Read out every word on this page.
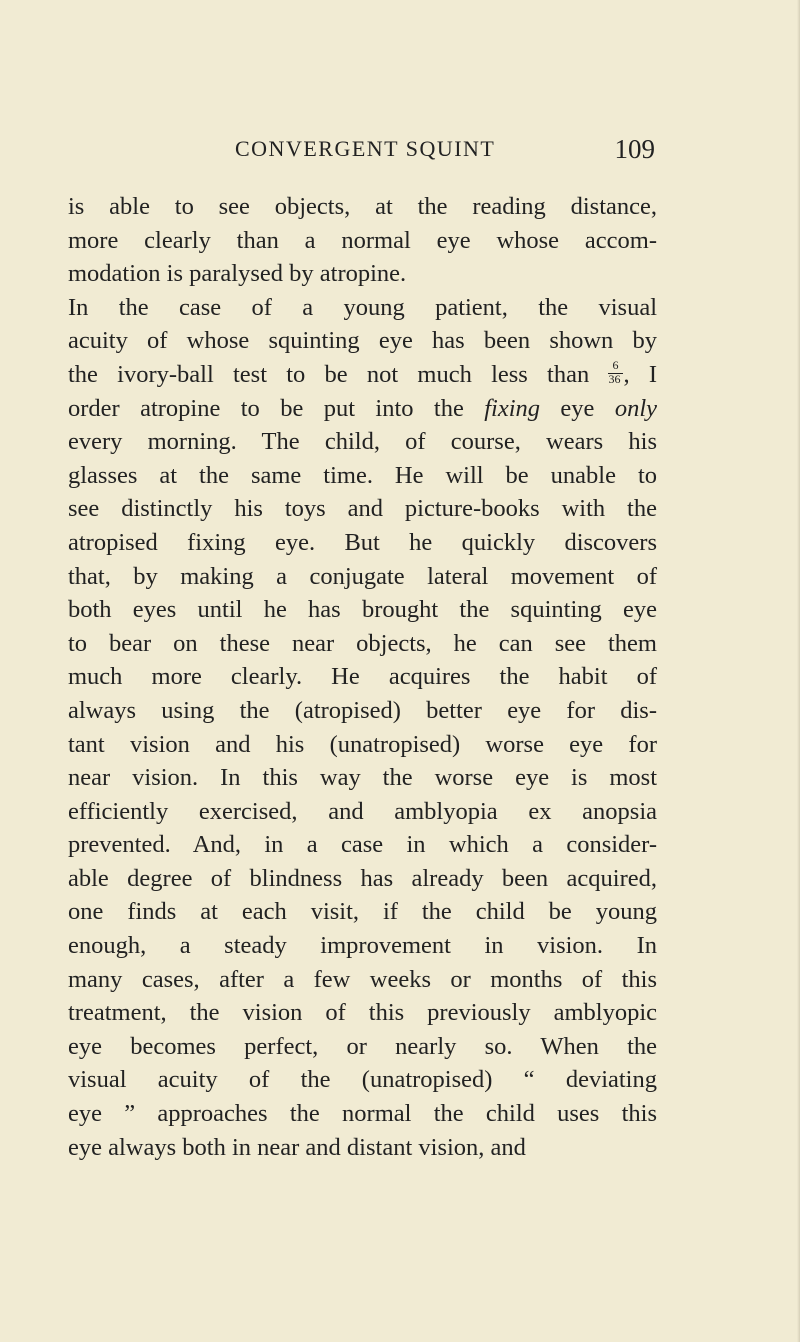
CONVERGENT SQUINT	109
is able to see objects, at the reading distance,
more clearly than a normal eye whose accom-
modation is paralysed by atropine.
In the case of a young patient, the visual
acuity of whose squinting eye has been shown by
the ivory-ball test to be not much less than $\frac{6}{36}$ , I
order atropine to be put into the fixing eye only
every morning. The child, of course, wears his
glasses at the same time. He will be unable to
see distinctly his toys and picture-books with the
atropised fixing eye. But he quickly discovers
that, by making a conjugate lateral movement of
both eyes until he has brought the squinting eye
to bear on these near objects, he can see them
much more clearly. He acquires the habit of
always using the (atropised) better eye for dis-
tant vision and his (unatropised) worse eye for
near vision. In this way the worse eye is most
efficiently exercised, and amblyopia ex anopsia
prevented. And, in a case in which a consider-
able degree of blindness has already been acquired,
one finds at each visit, if the child be young
enough, a steady improvement in vision. In
many cases, after a few weeks or months of this
treatment, the vision of this previously amblyopic
eye becomes perfect, or nearly so. When the
visual acuity of the (unatropised) “ deviating
eye ” approaches the normal the child uses this
eye always both in near and distant vision, and
